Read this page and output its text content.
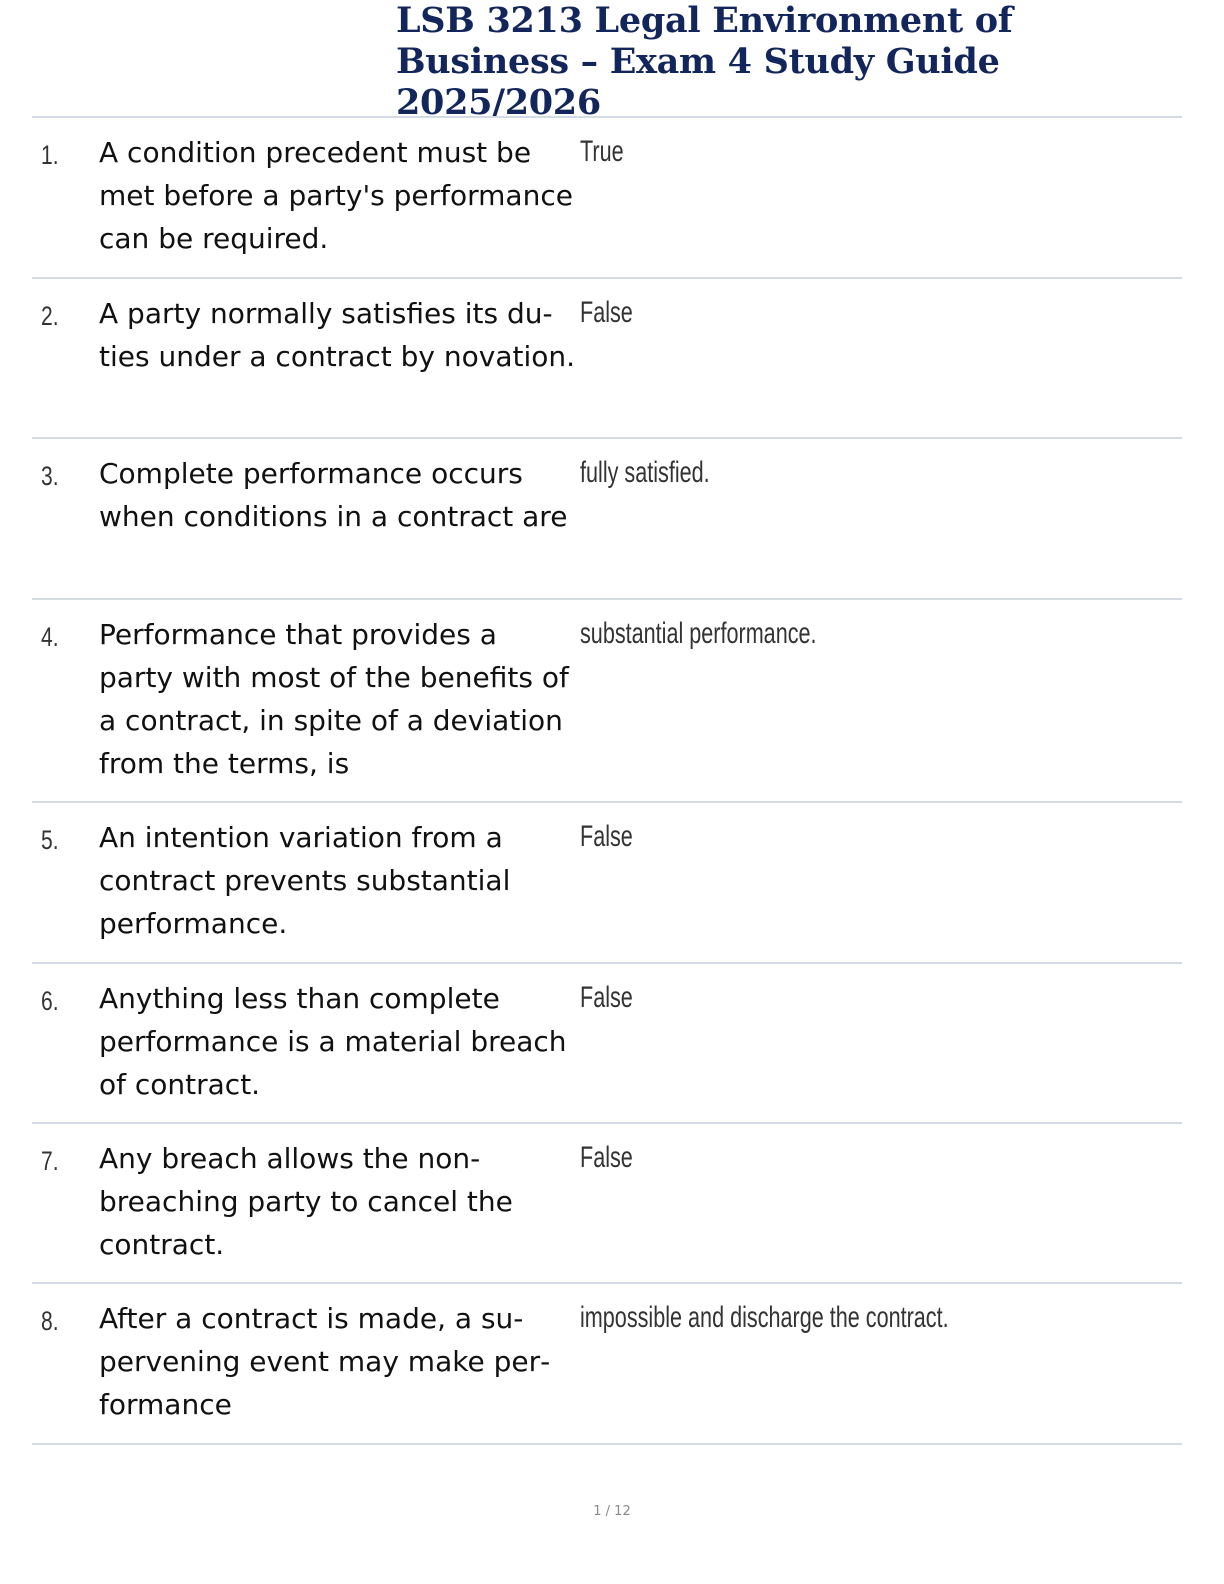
LSB 3213 Legal Environment of Business – Exam 4 Study Guide 2025/2026
1. A condition precedent must be met before a party's performance can be required.
True
2. A party normally satisfies its duties under a contract by novation.
False
3. Complete performance occurs when conditions in a contract are
fully satisfied.
4. Performance that provides a party with most of the benefits of a contract, in spite of a deviation from the terms, is
substantial performance.
5. An intention variation from a contract prevents substantial performance.
False
6. Anything less than complete performance is a material breach of contract.
False
7. Any breach allows the non-breaching party to cancel the contract.
False
8. After a contract is made, a supervening event may make performance
impossible and discharge the contract.
1 / 12
